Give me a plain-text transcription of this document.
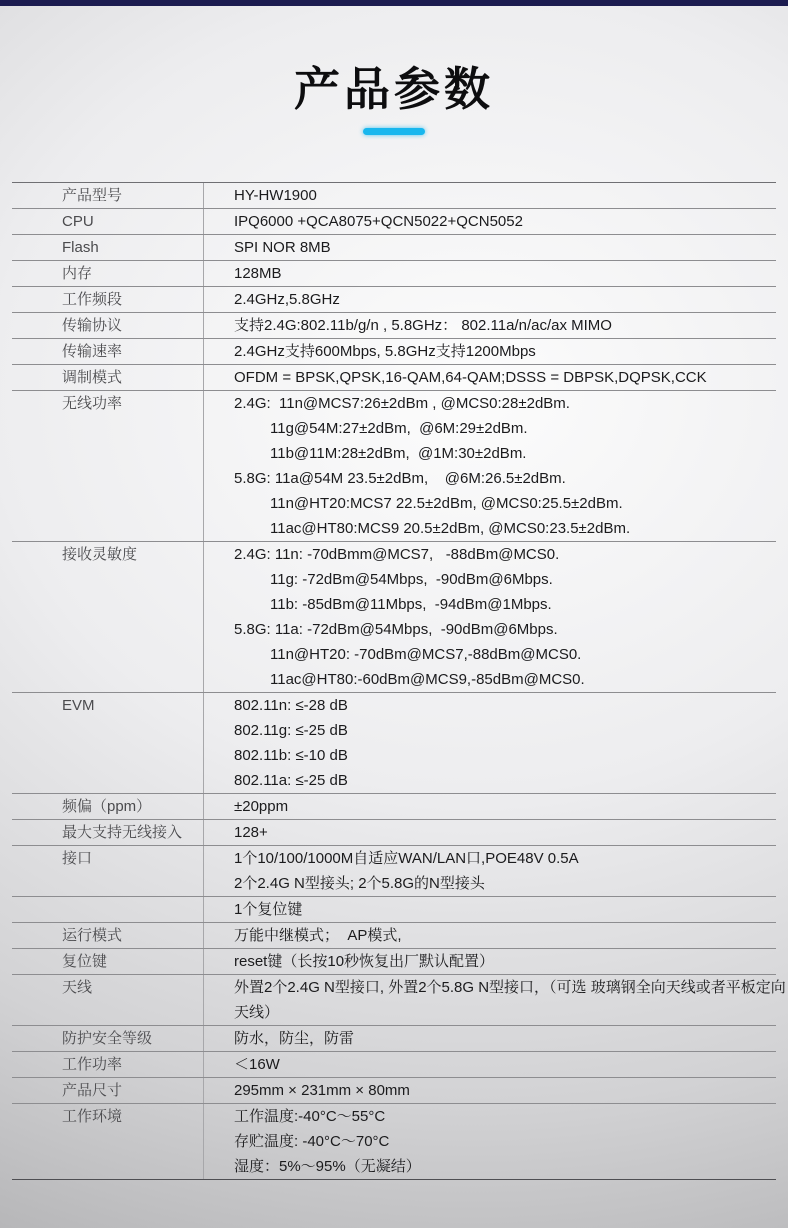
产品参数
产品型号	HY-HW1900
CPU	IPQ6000 +QCA8075+QCN5022+QCN5052
Flash	SPI NOR 8MB
内存	128MB
工作频段	2.4GHz,5.8GHz
传输协议	支持2.4G:802.11b/g/n , 5.8GHz： 802.11a/n/ac/ax MIMO
传输速率	2.4GHz支持600Mbps, 5.8GHz支持1200Mbps
调制模式	OFDM = BPSK,QPSK,16-QAM,64-QAM;DSSS = DBPSK,DQPSK,CCK
无线功率	2.4G:  11n@MCS7:26±2dBm , @MCS0:28±2dBm.
11g@54M:27±2dBm,  @6M:29±2dBm.
11b@11M:28±2dBm,  @1M:30±2dBm.
5.8G: 11a@54M 23.5±2dBm,    @6M:26.5±2dBm.
11n@HT20:MCS7 22.5±2dBm, @MCS0:25.5±2dBm.
11ac@HT80:MCS9 20.5±2dBm, @MCS0:23.5±2dBm.
接收灵敏度	2.4G: 11n: -70dBmm@MCS7,   -88dBm@MCS0.
11g: -72dBm@54Mbps,  -90dBm@6Mbps.
11b: -85dBm@11Mbps,  -94dBm@1Mbps.
5.8G: 11a: -72dBm@54Mbps,  -90dBm@6Mbps.
11n@HT20: -70dBm@MCS7,-88dBm@MCS0.
11ac@HT80:-60dBm@MCS9,-85dBm@MCS0.
EVM	802.11n: ≤-28 dB
802.11g: ≤-25 dB
802.11b: ≤-10 dB
802.11a: ≤-25 dB
频偏（ppm）	±20ppm
最大支持无线接入	128+
接口	1个10/100/1000M自适应WAN/LAN口,POE48V 0.5A
2个2.4G N型接头; 2个5.8G的N型接头
1个复位键
运行模式	万能中继模式；  AP模式,
复位键	reset键（长按10秒恢复出厂默认配置）
天线	外置2个2.4G N型接口, 外置2个5.8G N型接口，（可选 玻璃钢全向天线或者平板定向
天线）
防护安全等级	防水，防尘，防雷
工作功率	＜16W
产品尺寸	295mm × 231mm × 80mm
工作环境	工作温度:-40°C～55°C
存贮温度: -40°C～70°C
湿度：5%～95%（无凝结）
